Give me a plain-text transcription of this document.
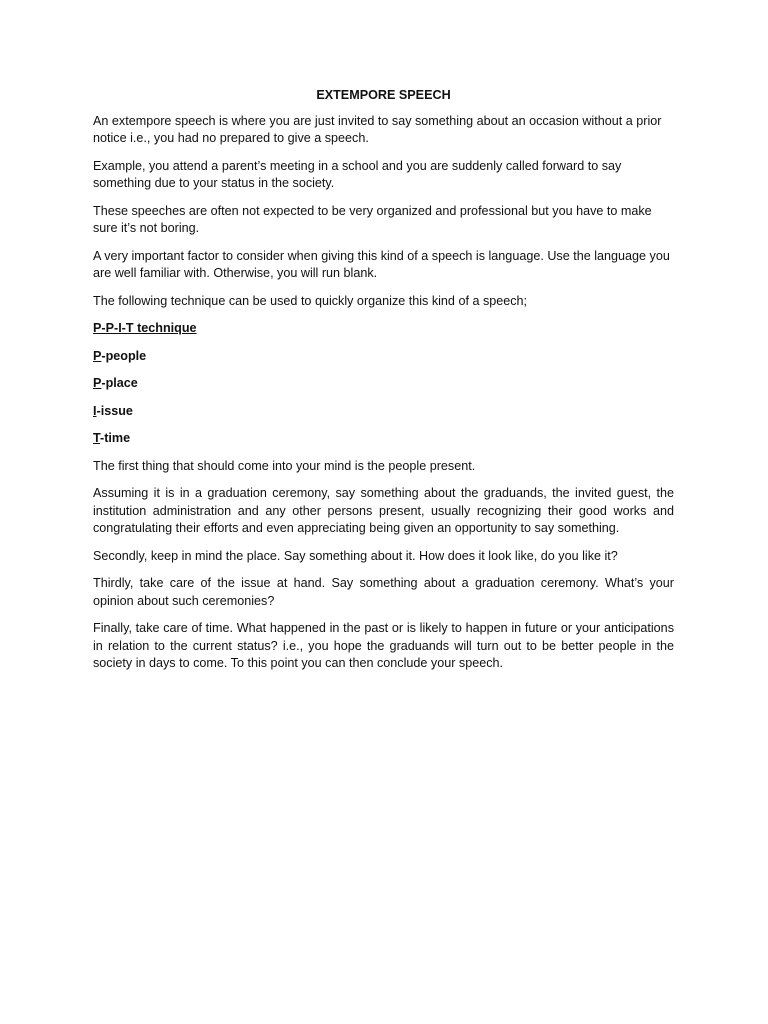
EXTEMPORE SPEECH

An extempore speech is where you are just invited to say something about an occasion without a prior notice i.e., you had no prepared to give a speech.

Example, you attend a parent’s meeting in a school and you are suddenly called forward to say something due to your status in the society.

These speeches are often not expected to be very organized and professional but you have to make sure it’s not boring.

A very important factor to consider when giving this kind of a speech is language. Use the language you are well familiar with. Otherwise, you will run blank.

The following technique can be used to quickly organize this kind of a speech;

P-P-I-T technique
P-people
P-place
I-issue
T-time

The first thing that should come into your mind is the people present.

Assuming it is in a graduation ceremony, say something about the graduands, the invited guest, the institution administration and any other persons present, usually recognizing their good works and congratulating their efforts and even appreciating being given an opportunity to say something.

Secondly, keep in mind the place. Say something about it. How does it look like, do you like it?

Thirdly, take care of the issue at hand. Say something about a graduation ceremony. What’s your opinion about such ceremonies?

Finally, take care of time. What happened in the past or is likely to happen in future or your anticipations in relation to the current status? i.e., you hope the graduands will turn out to be better people in the society in days to come. To this point you can then conclude your speech.
